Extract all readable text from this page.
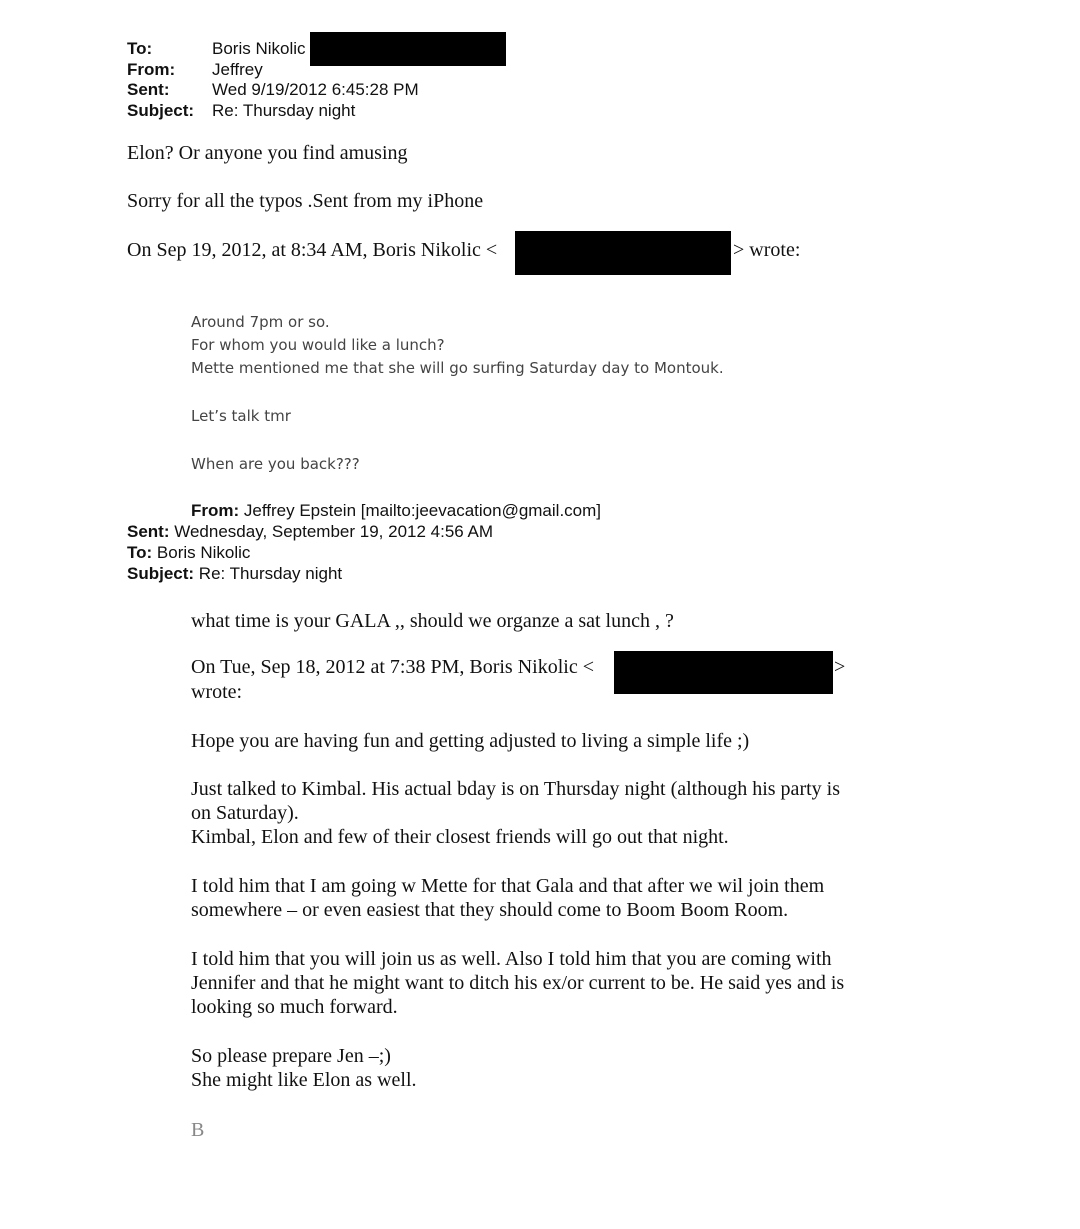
To:	Boris Nikolic
From: Jeffrey
Sent:	Wed 9/19/2012 6:45:28 PM
Subject: Re: Thursday night
Elon? Or anyone you find amusing
Sorry for all the typos .Sent from my iPhone
On Sep 19, 2012, at 8:34 AM, Boris Nikolic <	> wrote:
Around 7pm or so.
For whom you would like a lunch?
Mette mentioned me that she will go surfing Saturday day to Montouk.
Let’s talk tmr
When are you back???
From: Jeffrey Epstein [mailto:jeevacation@gmail.com]
Sent: Wednesday, September 19, 2012 4:56 AM
To: Boris Nikolic
Subject: Re: Thursday night
what time is your GALA ,, should we organze a sat lunch , ?
On Tue, Sep 18, 2012 at 7:38 PM, Boris Nikolic <	>
wrote:
Hope you are having fun and getting adjusted to living a simple life ;)
Just talked to Kimbal. His actual bday is on Thursday night (although his party is
on Saturday).
Kimbal, Elon and few of their closest friends will go out that night.
I told him that I am going w Mette for that Gala and that after we wil join them
somewhere – or even easiest that they should come to Boom Boom Room.
I told him that you will join us as well. Also I told him that you are coming with
Jennifer and that he might want to ditch his ex/or current to be. He said yes and is
looking so much forward.
So please prepare Jen –;)
She might like Elon as well.
B
